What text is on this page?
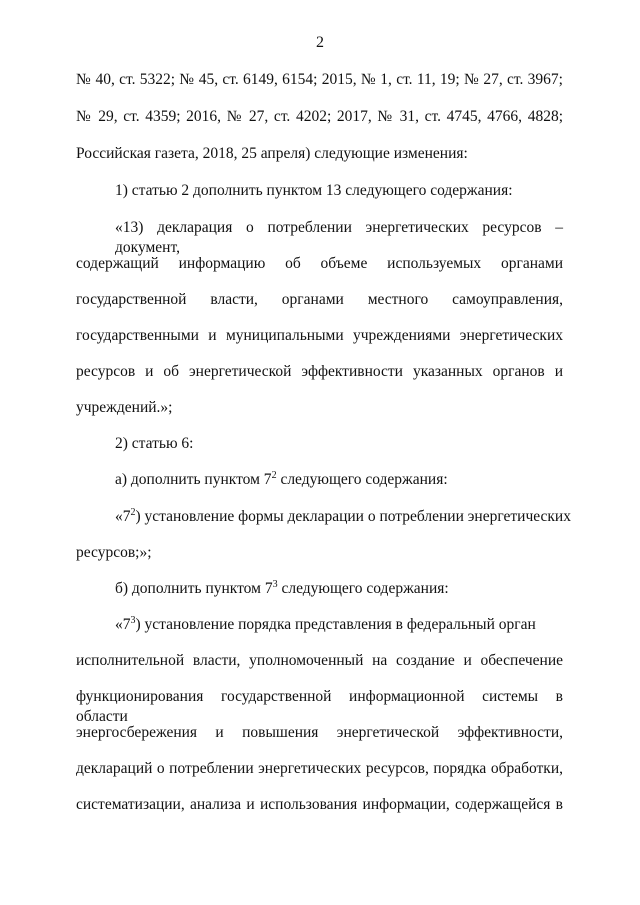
2
№ 40, ст. 5322; № 45, ст. 6149, 6154; 2015, № 1, ст. 11, 19; № 27, ст. 3967;
№ 29, ст. 4359; 2016, № 27, ст. 4202; 2017, № 31, ст. 4745, 4766, 4828;
Российская газета, 2018, 25 апреля) следующие изменения:
1) статью 2 дополнить пунктом 13 следующего содержания:
«13) декларация о потреблении энергетических ресурсов – документ,
содержащий информацию об объеме используемых органами
государственной власти, органами местного самоуправления,
государственными и муниципальными учреждениями энергетических
ресурсов и об энергетической эффективности указанных органов и
учреждений.»;
2) статью 6:
а) дополнить пунктом $7^2$ следующего содержания:
«$7^2$) установление формы декларации о потреблении энергетических
ресурсов;»;
б) дополнить пунктом $7^3$ следующего содержания:
«$7^3$) установление порядка представления в федеральный орган
исполнительной власти, уполномоченный на создание и обеспечение
функционирования государственной информационной системы в области
энергосбережения и повышения энергетической эффективности,
деклараций о потреблении энергетических ресурсов, порядка обработки,
систематизации, анализа и использования информации, содержащейся в
